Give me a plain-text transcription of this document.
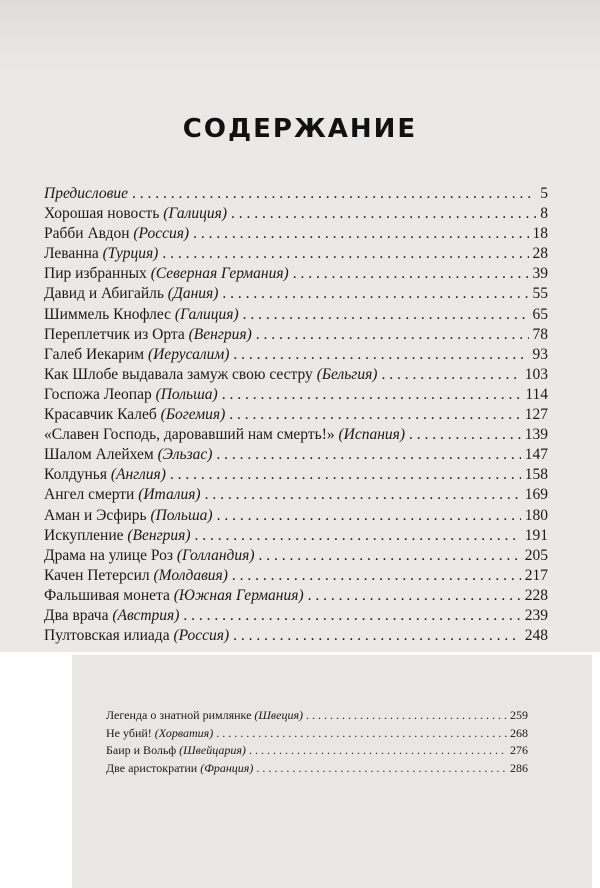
СОДЕРЖАНИЕ
Предисловие . . .	5
Хорошая новость (Галиция) . . .	8
Рабби Авдон (Россия) . . .	18
Леванна (Турция) . . .	28
Пир избранных (Северная Германия) . . .	39
Давид и Абигайль (Дания) . . .	55
Шиммель Кнофлес (Галиция) . . .	65
Переплетчик из Орта (Венгрия) . . .	78
Галеб Иекарим (Иерусалим) . . .	93
Как Шлобе выдавала замуж свою сестру (Бельгия) . . .	103
Госпожа Леопар (Польша) . . .	114
Красавчик Калеб (Богемия) . . .	127
«Славен Господь, даровавший нам смерть!» (Испания) . . .	139
Шалом Алейхем (Эльзас) . . .	147
Колдунья (Англия) . . .	158
Ангел смерти (Италия) . . .	169
Аман и Эсфирь (Польша) . . .	180
Искупление (Венгрия) . . .	191
Драма на улице Роз (Голландия) . . .	205
Качен Петерсил (Молдавия) . . .	217
Фальшивая монета (Южная Германия) . . .	228
Два врача (Австрия) . . .	239
Пултовская илиада (Россия) . . .	248
Легенда о знатной римлянке (Швеция) . . .	259
Не убий! (Хорватия) . . .	268
Баир и Вольф (Швейцария) . . .	276
Две аристократии (Франция) . . .	286
